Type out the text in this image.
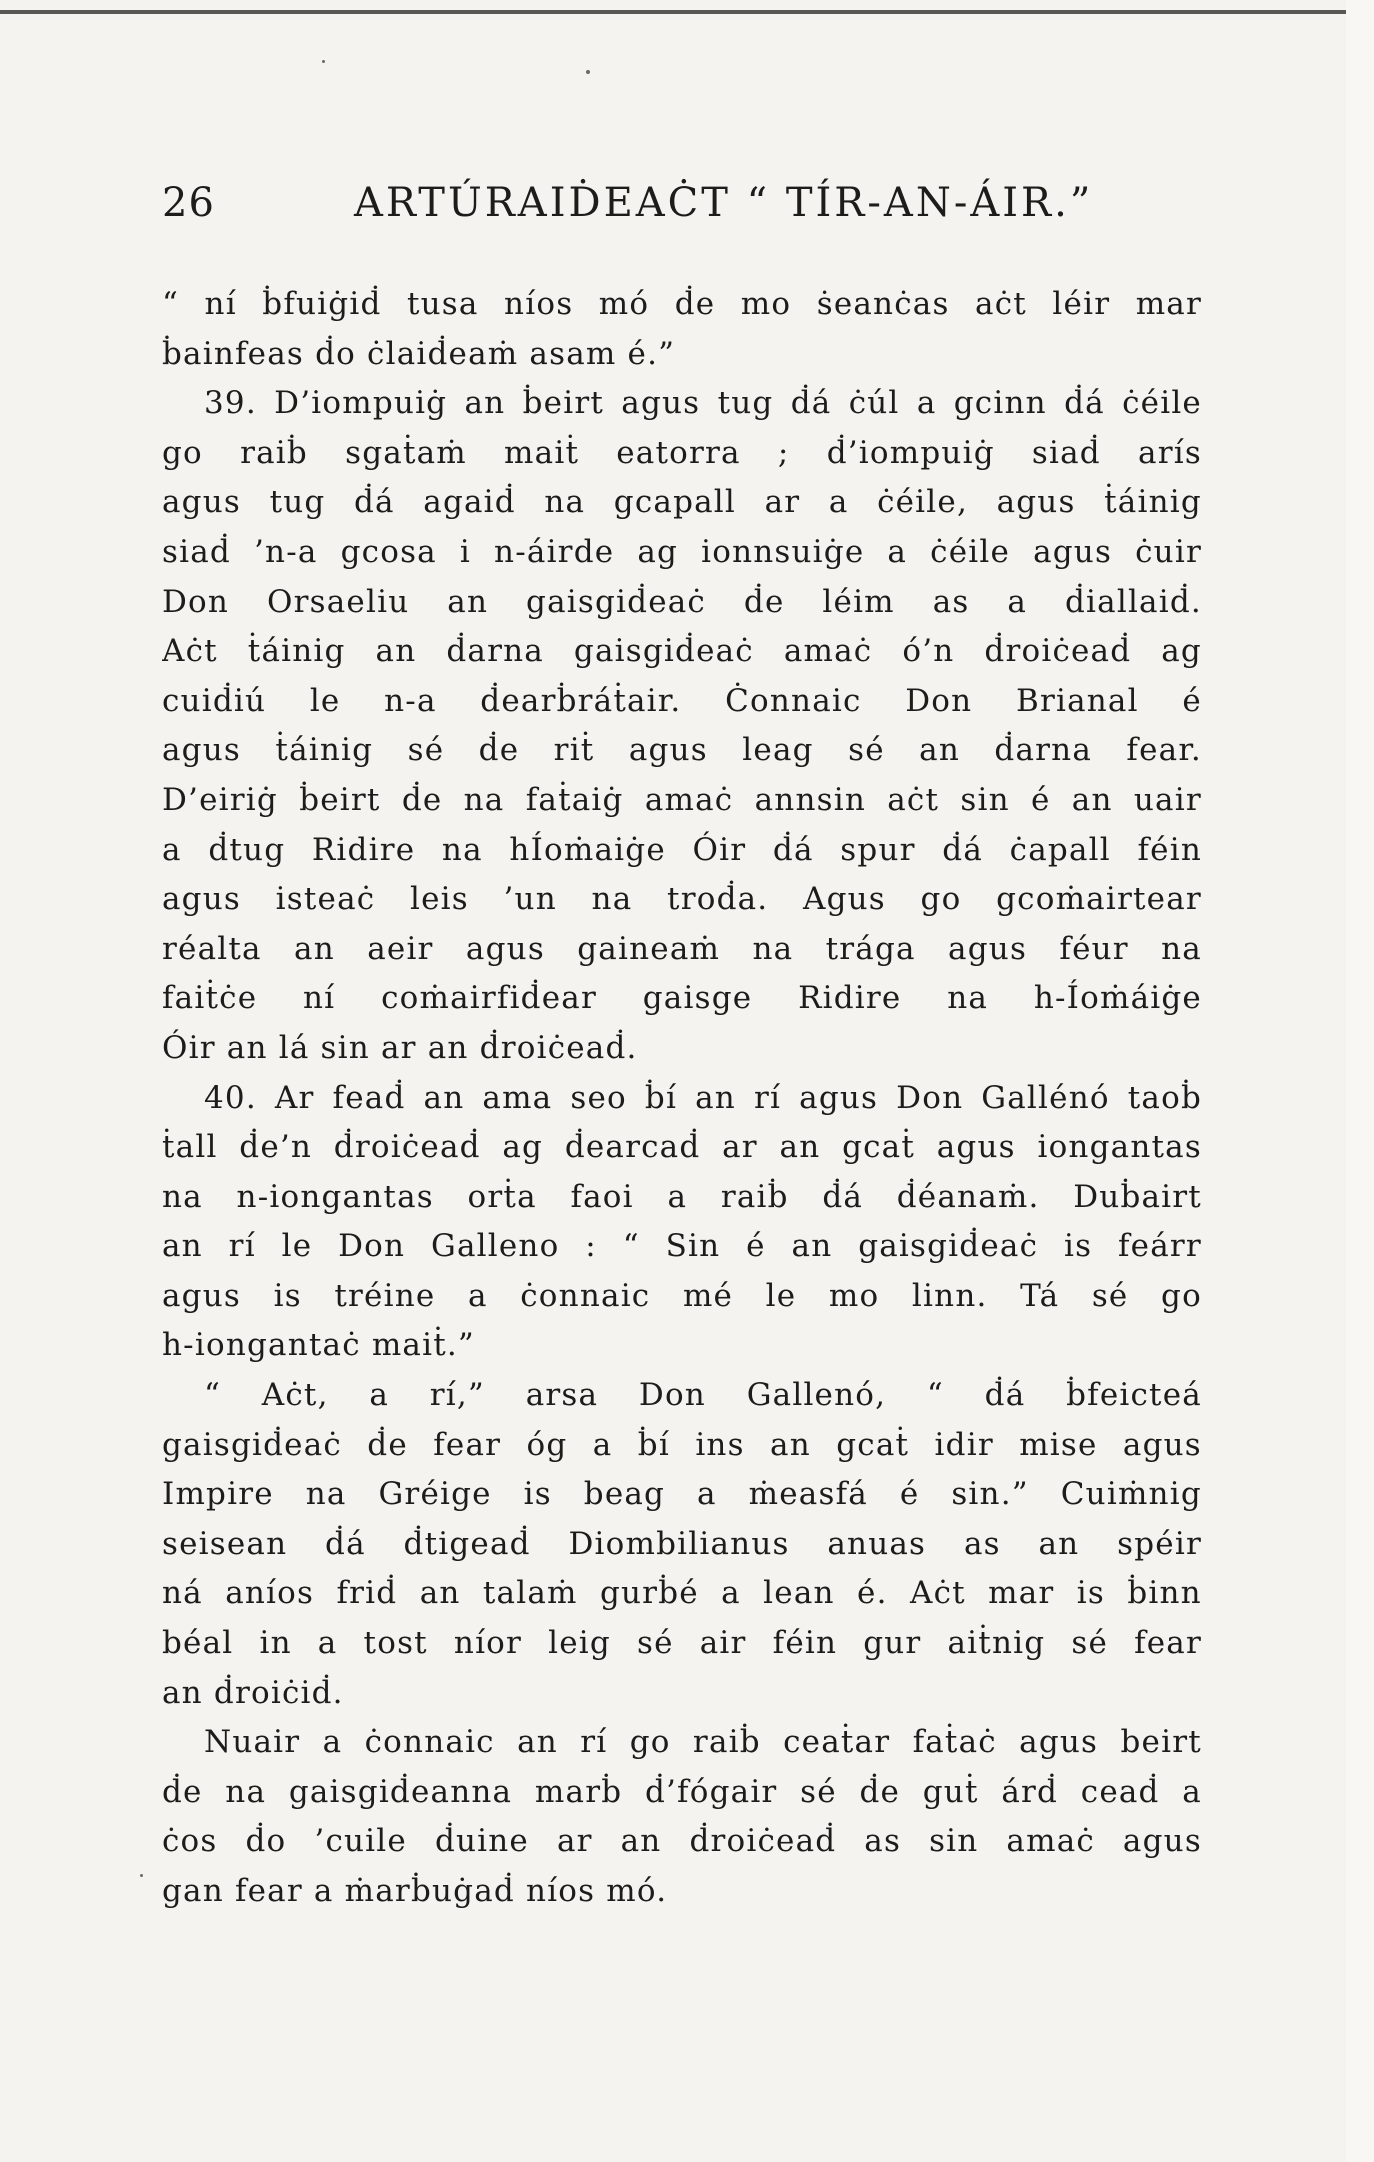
26	ARTÚRAIḊEAĊT “ TÍR-AN-ÁIR.”
“ ní ḃfuiġiḋ tusa níos mó ḋe mo ṡeanċas aċt léir mar
ḃainfeas ḋo ċlaiḋeaṁ asam é.”
39. D’iompuiġ an ḃeirt agus tug ḋá ċúl a gcinn ḋá ċéile
go raiḃ sgaṫaṁ maiṫ eatorra ; ḋ’iompuiġ siaḋ arís
agus tug ḋá agaiḋ na gcapall ar a ċéile, agus ṫáinig
siaḋ ’n-a gcosa i n-áirde ag ionnsuiġe a ċéile agus ċuir
Don Orsaeliu an gaisgiḋeaċ ḋe léim as a ḋiallaiḋ.
Aċt ṫáinig an ḋarna gaisgiḋeaċ amaċ ó’n ḋroiċeaḋ ag
cuiḋiú le n-a ḋearḃráṫair. Ċonnaic Don Brianal é
agus ṫáinig sé ḋe riṫ agus leag sé an ḋarna fear.
D’eiriġ ḃeirt ḋe na faṫaiġ amaċ annsin aċt sin é an uair
a ḋtug Ridire na hÍoṁaiġe Óir ḋá spur ḋá ċapall féin
agus isteaċ leis ’un na troḋa. Agus go gcoṁairtear
réalta an aeir agus gaineaṁ na trága agus féur na
faiṫċe ní coṁairfiḋear gaisge Ridire na h-Íoṁáiġe
Óir an lá sin ar an ḋroiċeaḋ.
40. Ar feaḋ an ama seo ḃí an rí agus Don Gallénó taoḃ
ṫall ḋe’n ḋroiċeaḋ ag ḋearcaḋ ar an gcaṫ agus iongantas
na n-iongantas orṫa faoi a raiḃ ḋá ḋéanaṁ. Duḃairt
an rí le Don Galleno : “ Sin é an gaisgiḋeaċ is feárr
agus is tréine a ċonnaic mé le mo linn. Tá sé go
h-iongantaċ maiṫ.”
“ Aċt, a rí,” arsa Don Gallenó, “ ḋá ḃfeicteá
gaisgiḋeaċ ḋe fear óg a ḃí ins an gcaṫ idir mise agus
Impire na Gréige is beag a ṁeasfá é sin.” Cuiṁnig
seisean ḋá ḋtigeaḋ Diombilianus anuas as an spéir
ná aníos friḋ an talaṁ gurḃé a lean é. Aċt mar is ḃinn
béal in a tost níor leig sé air féin gur aiṫnig sé fear
an ḋroiċiḋ.
Nuair a ċonnaic an rí go raiḃ ceaṫar faṫaċ agus beirt
ḋe na gaisgiḋeanna marḃ ḋ’fógair sé ḋe guṫ árḋ ceaḋ a
ċos ḋo ’cuile ḋuine ar an ḋroiċeaḋ as sin amaċ agus
gan fear a ṁarḃuġaḋ níos mó.
